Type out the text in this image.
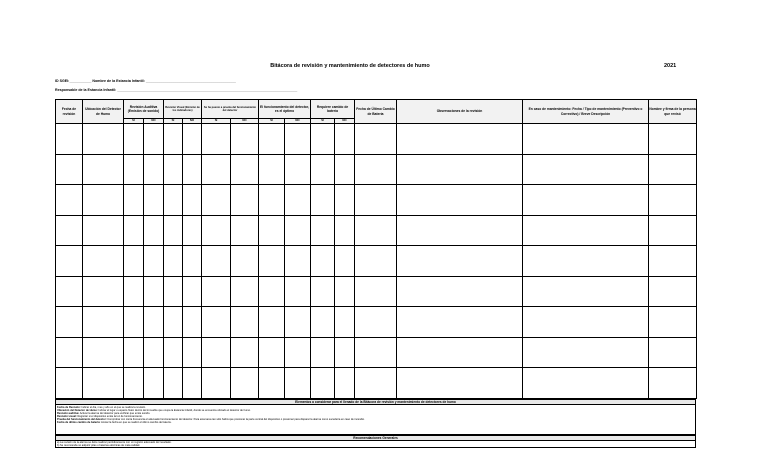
Bitácora de revisión y mantenimiento de detectores de humo	2021
ID SGEI:___________ Nombre de la Estancia Infantil: _____________________________________________
Responsable de la Estancia Infantil: __________________________________________________________________________________________
Fecha de revisión	Ubicación del Detector de Humo	Revisión Auditiva (Emisión de sonido)		Revisión Visual (Emisión de los indicadores)		Se ha puesto a prueba del funcionamiento del detector		El funcionamiento del detector, es el óptimo		Requiere cambio de batería		Fecha de Último Cambio de Batería	Observaciones de la revisión	En caso de mantenimiento: Fecha / Tipo de mantenimiento (Preventivo o Correctivo) / Breve Descripción	Nombre y firma de la persona que revisó
		SI	NO	SI	NO	SI	NO	SI	NO	SI	NO				

Elementos a considerar para el llenado de la Bitácora de revisión y mantenimiento de detectores de humo
Fecha de Revisión: Indicar el día, mes y año en el que se realiza la revisión.
Ubicación del Detector de Humo: Indicar el lugar o espacio físico dentro del inmueble que ocupa la Estancia Infantil, donde se encuentra ubicado el detector de humo.
Revisión auditiva: Activar la alarma del detector para verificar que emite sonido.
Revisión visual: Registrar si el dispositivo emite la luz de funcionamiento.
Prueba del funcionamiento del detector: Comprobar con cierta frecuencia el adecuado funcionamiento del detector. Para esta tarea tan sólo habrá que presionar la parte central del dispositivo o presionar para disparar la alarma como sucedería en caso de incendio.
Fecha de último cambio de batería: Anotar la fecha en que se realizó el último cambio de batería.
Recomendaciones Generales
a) La revisión de la alarma se debe realizar periódicamente con un registro adecuado del resultado.
b) Se recomienda no adquirir pilas o baterías eléctricas de mala calidad.
